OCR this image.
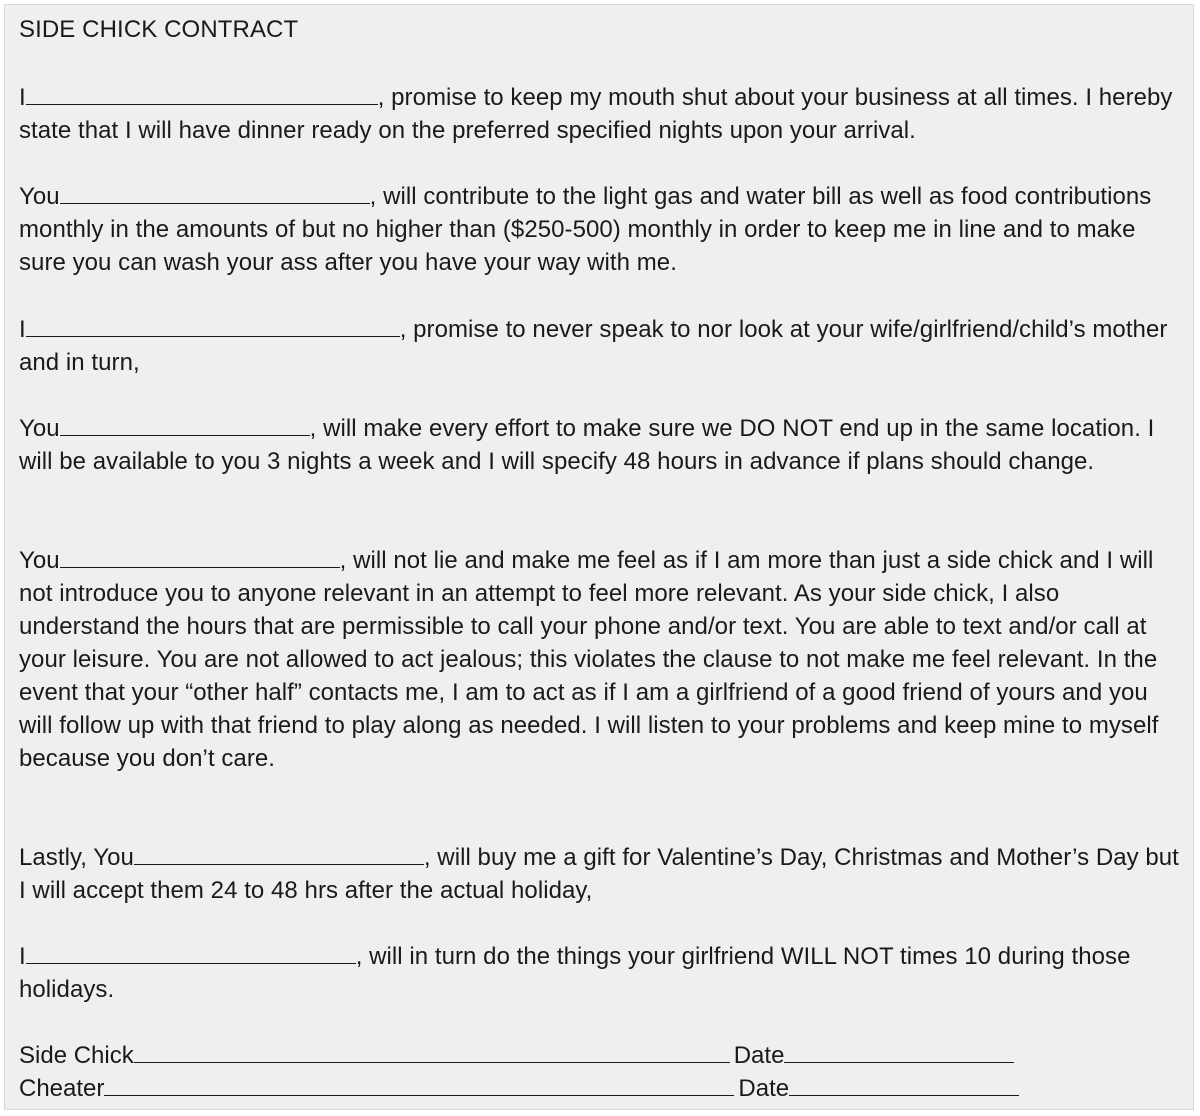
SIDE CHICK CONTRACT

I	, promise to keep my mouth shut about your business at all times. I hereby state that I will have dinner ready on the preferred specified nights upon your arrival.

You	, will contribute to the light gas and water bill as well as food contributions monthly in the amounts of but no higher than ($250-500) monthly in order to keep me in line and to make sure you can wash your ass after you have your way with me.

I	, promise to never speak to nor look at your wife/girlfriend/child’s mother and in turn,

You	, will make every effort to make sure we DO NOT end up in the same location. I will be available to you 3 nights a week and I will specify 48 hours in advance if plans should change.

You	, will not lie and make me feel as if I am more than just a side chick and I will not introduce you to anyone relevant in an attempt to feel more relevant. As your side chick, I also understand the hours that are permissible to call your phone and/or text. You are able to text and/or call at your leisure. You are not allowed to act jealous; this violates the clause to not make me feel relevant. In the event that your “other half” contacts me, I am to act as if I am a girlfriend of a good friend of yours and you will follow up with that friend to play along as needed. I will listen to your problems and keep mine to myself because you don’t care.

Lastly, You	, will buy me a gift for Valentine’s Day, Christmas and Mother’s Day but I will accept them 24 to 48 hrs after the actual holiday,

I	, will in turn do the things your girlfriend WILL NOT times 10 during those holidays.

Side Chick	Date
Cheater	Date
